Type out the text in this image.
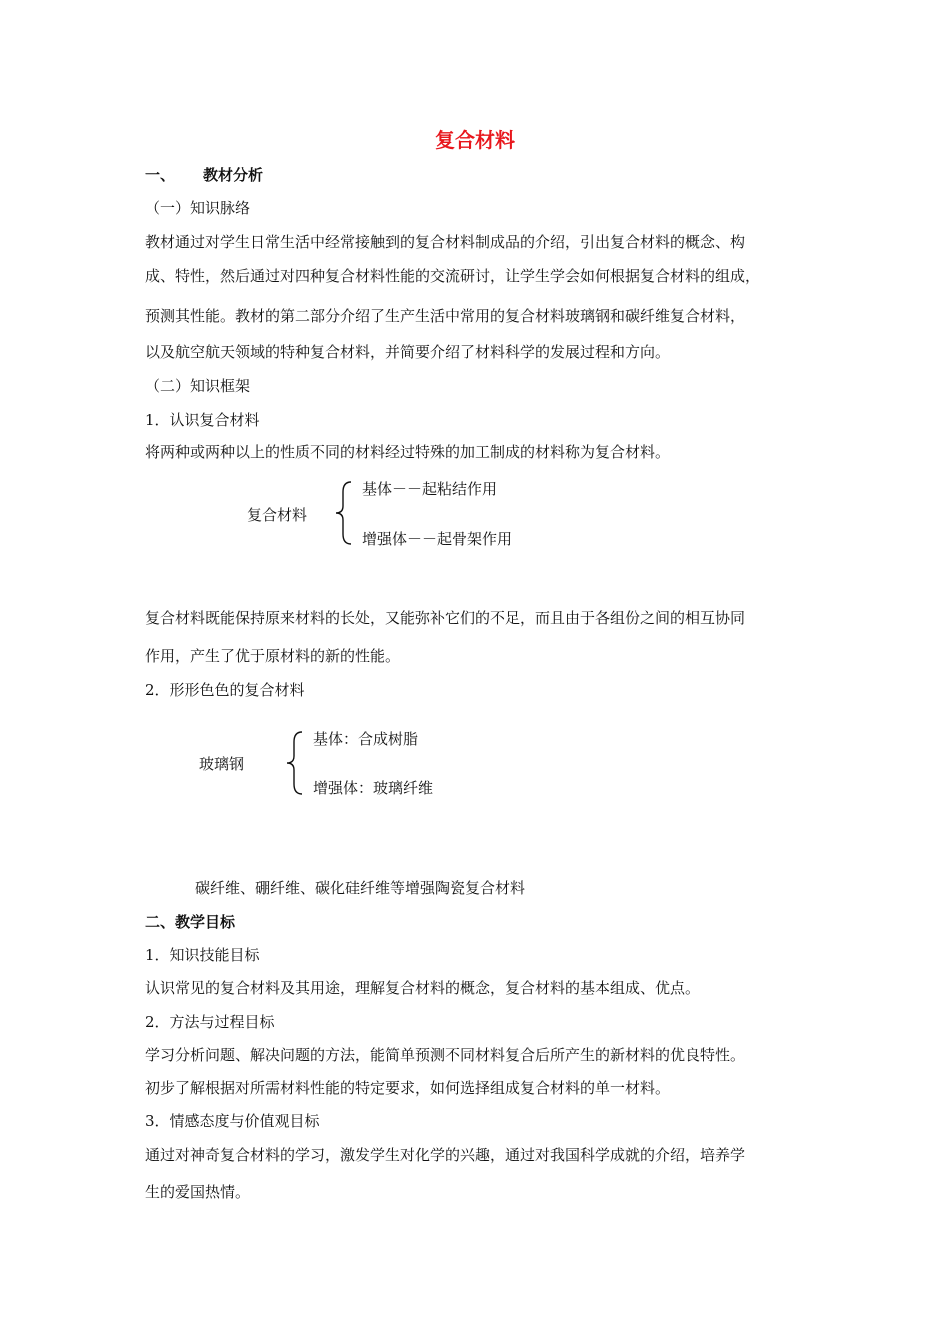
复合材料
一、 教材分析
（一）知识脉络
教材通过对学生日常生活中经常接触到的复合材料制成品的介绍，引出复合材料的概念、构
成、特性，然后通过对四种复合材料性能的交流研讨，让学生学会如何根据复合材料的组成，
预测其性能。教材的第二部分介绍了生产生活中常用的复合材料玻璃钢和碳纤维复合材料，
以及航空航天领域的特种复合材料，并简要介绍了材料科学的发展过程和方向。
（二）知识框架
1．认识复合材料
将两种或两种以上的性质不同的材料经过特殊的加工制成的材料称为复合材料。
复合材料
基体－－起粘结作用
增强体－－起骨架作用
复合材料既能保持原来材料的长处，又能弥补它们的不足，而且由于各组份之间的相互协同
作用，产生了优于原材料的新的性能。
2．形形色色的复合材料
玻璃钢
基体：合成树脂
增强体：玻璃纤维
碳纤维、硼纤维、碳化硅纤维等增强陶瓷复合材料
二、教学目标
1．知识技能目标
认识常见的复合材料及其用途，理解复合材料的概念，复合材料的基本组成、优点。
2．方法与过程目标
学习分析问题、解决问题的方法，能简单预测不同材料复合后所产生的新材料的优良特性。
初步了解根据对所需材料性能的特定要求，如何选择组成复合材料的单一材料。
3．情感态度与价值观目标
通过对神奇复合材料的学习，激发学生对化学的兴趣，通过对我国科学成就的介绍，培养学
生的爱国热情。
